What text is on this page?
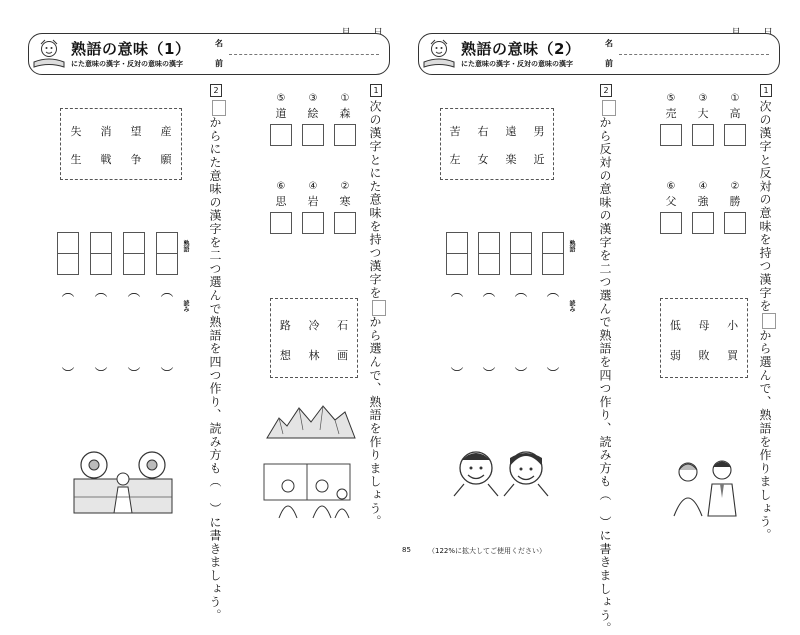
熟語の意味（1）
にた意味の漢字・反対の意味の漢字
名
前
1
次の漢字とにた意味を持つ漢字をから選んで、熟語を作りましょう。
①
森
③
絵
⑤
道
②
寒
④
岩
⑥
思
路 冷 石
想 林 画
2
からにた意味の漢字を二つ選んで熟語を四つ作り、読み方も（）に書きましょう。
失 消 望 産
生 戦 争 願
熟語
︵
︵
︵
︵
︶
︶
︶
︶
読み
熟語の意味（2）
にた意味の漢字・反対の意味の漢字
名
前
1
次の漢字と反対の意味を持つ漢字をから選んで、熟語を作りましょう。
①
高
③
大
⑤
売
②
勝
④
強
⑥
父
低 母 小
弱 敗 買
2
から反対の意味の漢字を二つ選んで熟語を四つ作り、読み方も（）に書きましょう。
苦 右 遠 男
左 女 楽 近
熟語
︵
︵
︵
︵
︶
︶
︶
︶
読み
85 （122%に拡大してご使用ください）
